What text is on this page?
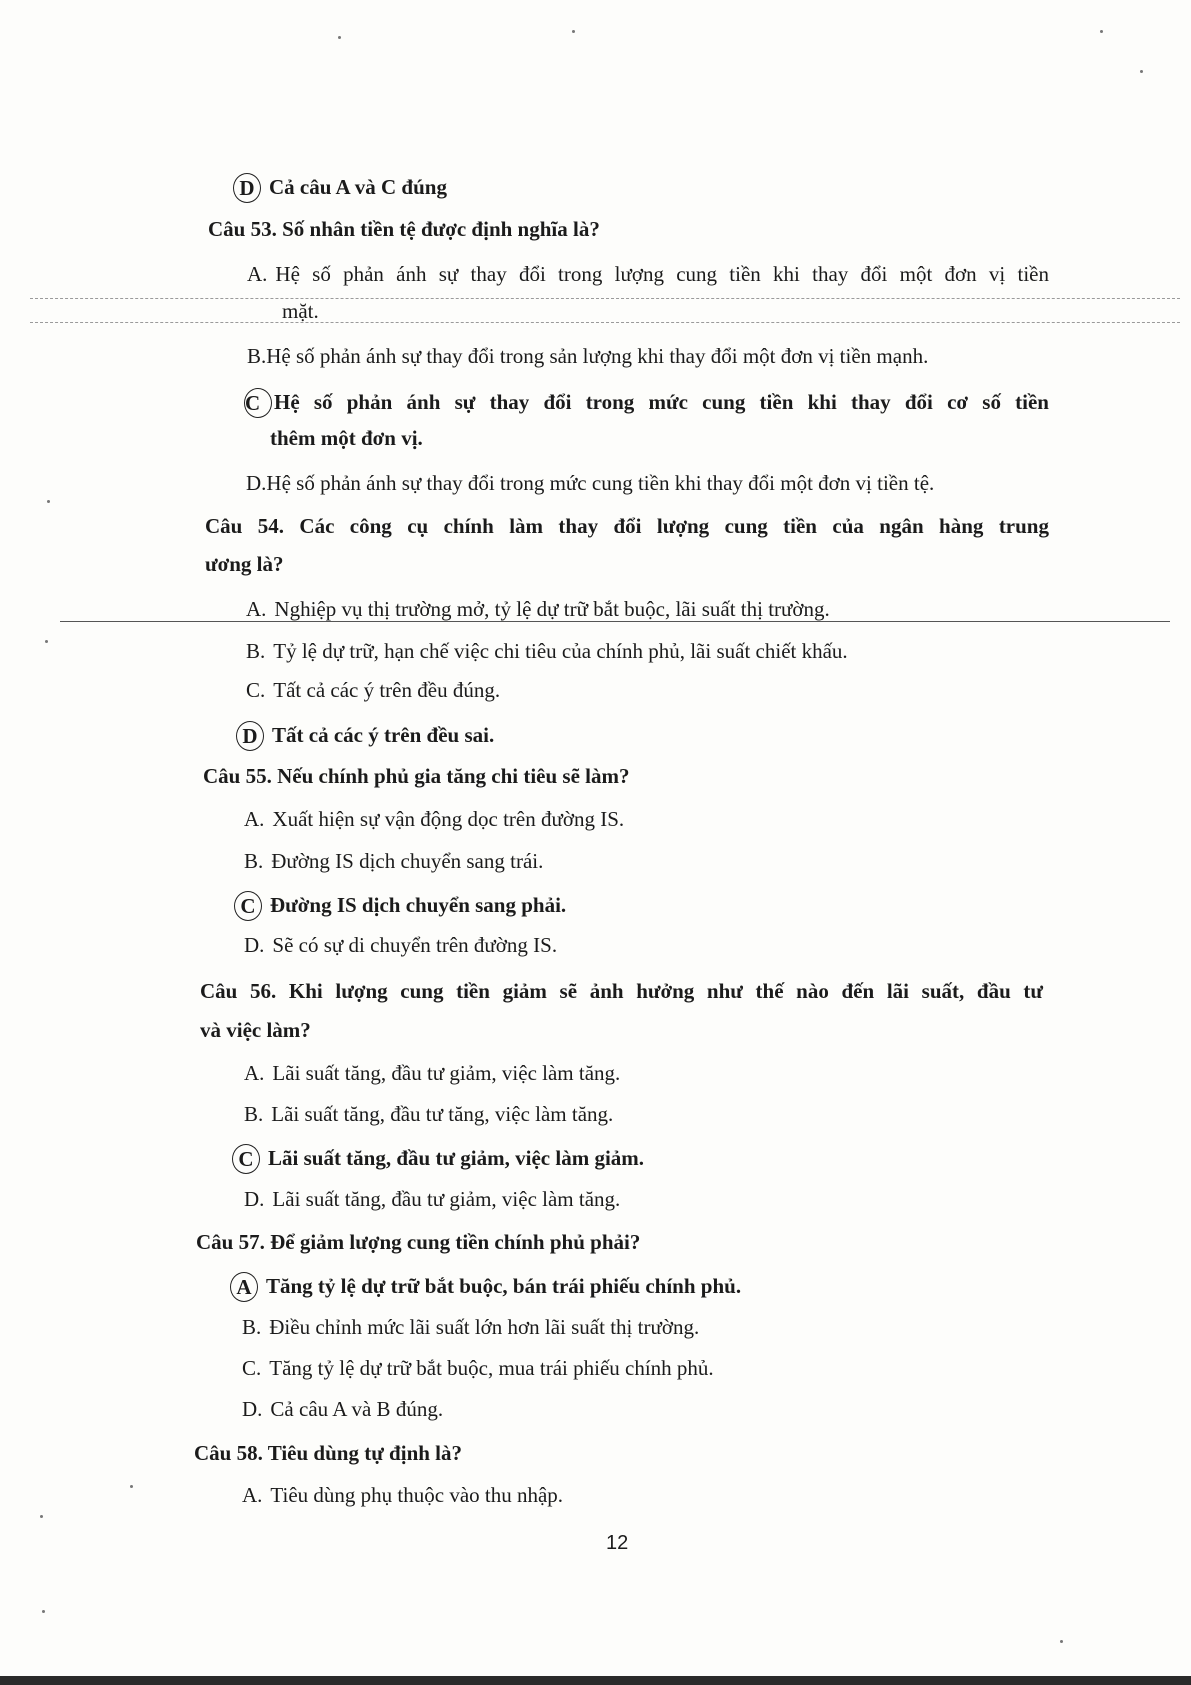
D Cả câu A và C đúng
Câu 53. Số nhân tiền tệ được định nghĩa là?
A. Hệ số phản ánh sự thay đổi trong lượng cung tiền khi thay đổi một đơn vị tiền
mặt.
B.Hệ số phản ánh sự thay đổi trong sản lượng khi thay đổi một đơn vị tiền mạnh.
C Hệ số phản ánh sự thay đổi trong mức cung tiền khi thay đổi cơ số tiền
thêm một đơn vị.
D.Hệ số phản ánh sự thay đổi trong mức cung tiền khi thay đổi một đơn vị tiền tệ.
Câu 54. Các công cụ chính làm thay đổi lượng cung tiền của ngân hàng trung
ương là?
A. Nghiệp vụ thị trường mở, tỷ lệ dự trữ bắt buộc, lãi suất thị trường.
B. Tỷ lệ dự trữ, hạn chế việc chi tiêu của chính phủ, lãi suất chiết khấu.
C. Tất cả các ý trên đều đúng.
D Tất cả các ý trên đều sai.
Câu 55. Nếu chính phủ gia tăng chi tiêu sẽ làm?
A. Xuất hiện sự vận động dọc trên đường IS.
B. Đường IS dịch chuyển sang trái.
C Đường IS dịch chuyển sang phải.
D. Sẽ có sự di chuyển trên đường IS.
Câu 56. Khi lượng cung tiền giảm sẽ ảnh hưởng như thế nào đến lãi suất, đầu tư
và việc làm?
A. Lãi suất tăng, đầu tư giảm, việc làm tăng.
B. Lãi suất tăng, đầu tư tăng, việc làm tăng.
C Lãi suất tăng, đầu tư giảm, việc làm giảm.
D. Lãi suất tăng, đầu tư giảm, việc làm tăng.
Câu 57. Để giảm lượng cung tiền chính phủ phải?
A Tăng tỷ lệ dự trữ bắt buộc, bán trái phiếu chính phủ.
B. Điều chỉnh mức lãi suất lớn hơn lãi suất thị trường.
C. Tăng tỷ lệ dự trữ bắt buộc, mua trái phiếu chính phủ.
D. Cả câu A và B đúng.
Câu 58. Tiêu dùng tự định là?
A. Tiêu dùng phụ thuộc vào thu nhập.
12
